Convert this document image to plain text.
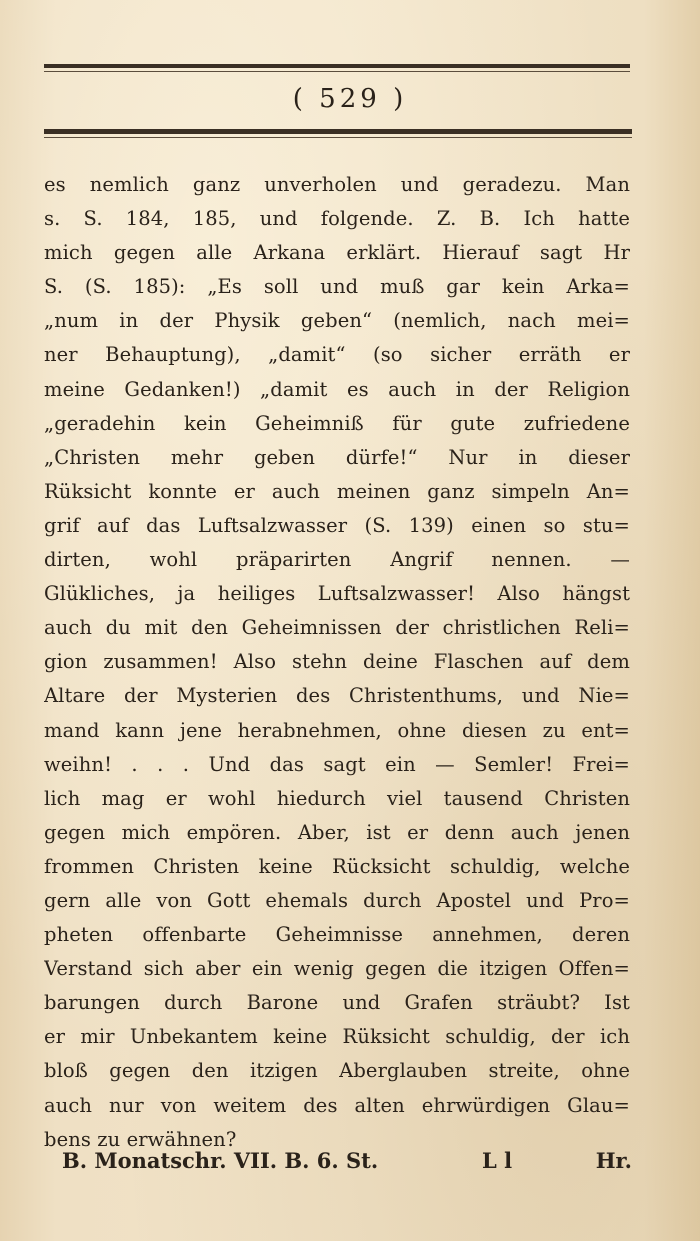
( 529 )
es nemlich ganz unverholen und geradezu. Man
s. S. 184, 185, und folgende. Z. B. Ich hatte
mich gegen alle Arkana erklärt. Hierauf sagt Hr
S. (S. 185): „Es soll und muß gar kein Arka=
„num in der Physik geben“ (nemlich, nach mei=
ner Behauptung), „damit“ (so sicher erräth er
meine Gedanken!) „damit es auch in der Religion
„geradehin kein Geheimniß für gute zufriedene
„Christen mehr geben dürfe!“ Nur in dieser
Rüksicht konnte er auch meinen ganz simpeln An=
grif auf das Luftsalzwasser (S. 139) einen so stu=
dirten, wohl präparirten Angrif nennen. —
Glükliches, ja heiliges Luftsalzwasser! Also hängst
auch du mit den Geheimnissen der christlichen Reli=
gion zusammen! Also stehn deine Flaschen auf dem
Altare der Mysterien des Christenthums, und Nie=
mand kann jene herabnehmen, ohne diesen zu ent=
weihn! . . . Und das sagt ein — Semler! Frei=
lich mag er wohl hiedurch viel tausend Christen
gegen mich empören. Aber, ist er denn auch jenen
frommen Christen keine Rücksicht schuldig, welche
gern alle von Gott ehemals durch Apostel und Pro=
pheten offenbarte Geheimnisse annehmen, deren
Verstand sich aber ein wenig gegen die itzigen Offen=
barungen durch Barone und Grafen sträubt? Ist
er mir Unbekantem keine Rüksicht schuldig, der ich
bloß gegen den itzigen Aberglauben streite, ohne
auch nur von weitem des alten ehrwürdigen Glau=
bens zu erwähnen?
B. Monatschr. VII. B. 6. St.	L l	Hr.
